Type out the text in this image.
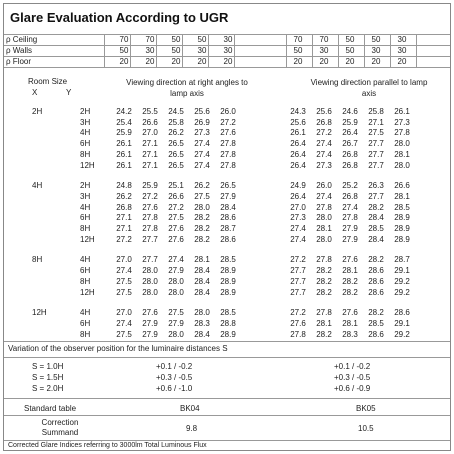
Glare Evaluation According to UGR
ρ Ceiling	70	70	50	50	30	70	70	50	50	30
ρ Walls	50	30	50	30	30	50	30	50	30	30
ρ Floor	20	20	20	20	20	20	20	20	20	20
Room Size
X	Y
Viewing direction at right angles to lamp axis
Viewing direction parallel to lamp axis
2H	2H	24.2	25.5	24.5	25.6	26.0	24.3	25.6	24.6	25.8	26.1
3H	25.4	26.6	25.8	26.9	27.2	25.6	26.8	25.9	27.1	27.3
4H	25.9	27.0	26.2	27.3	27.6	26.1	27.2	26.4	27.5	27.8
6H	26.1	27.1	26.5	27.4	27.8	26.4	27.4	26.7	27.7	28.0
8H	26.1	27.1	26.5	27.4	27.8	26.4	27.4	26.8	27.7	28.1
12H	26.1	27.1	26.5	27.4	27.8	26.4	27.3	26.8	27.7	28.0
4H	2H	24.8	25.9	25.1	26.2	26.5	24.9	26.0	25.2	26.3	26.6
3H	26.2	27.2	26.6	27.5	27.9	26.4	27.4	26.8	27.7	28.1
4H	26.8	27.6	27.2	28.0	28.4	27.0	27.8	27.4	28.2	28.5
6H	27.1	27.8	27.5	28.2	28.6	27.3	28.0	27.8	28.4	28.9
8H	27.1	27.8	27.6	28.2	28.7	27.4	28.1	27.9	28.5	28.9
12H	27.2	27.7	27.6	28.2	28.6	27.4	28.0	27.9	28.4	28.9
8H	4H	27.0	27.7	27.4	28.1	28.5	27.2	27.8	27.6	28.2	28.7
6H	27.4	28.0	27.9	28.4	28.9	27.7	28.2	28.1	28.6	29.1
8H	27.5	28.0	28.0	28.4	28.9	27.7	28.2	28.2	28.6	29.2
12H	27.5	28.0	28.0	28.4	28.9	27.7	28.2	28.2	28.6	29.2
12H	4H	27.0	27.6	27.5	28.0	28.5	27.2	27.8	27.6	28.2	28.6
6H	27.4	27.9	27.9	28.3	28.8	27.6	28.1	28.1	28.5	29.1
8H	27.5	27.9	28.0	28.4	28.9	27.8	28.2	28.3	28.6	29.2
Variation of the observer position for the luminaire distances S
S = 1.0H	+0.1 / -0.2	+0.1 / -0.2
S = 1.5H	+0.3 / -0.5	+0.3 / -0.5
S = 2.0H	+0.6 / -1.0	+0.6 / -0.9
Standard table	BK04	BK05
Correction Summand	9.8	10.5
Corrected Glare Indices referring to 3000lm Total Luminous Flux
